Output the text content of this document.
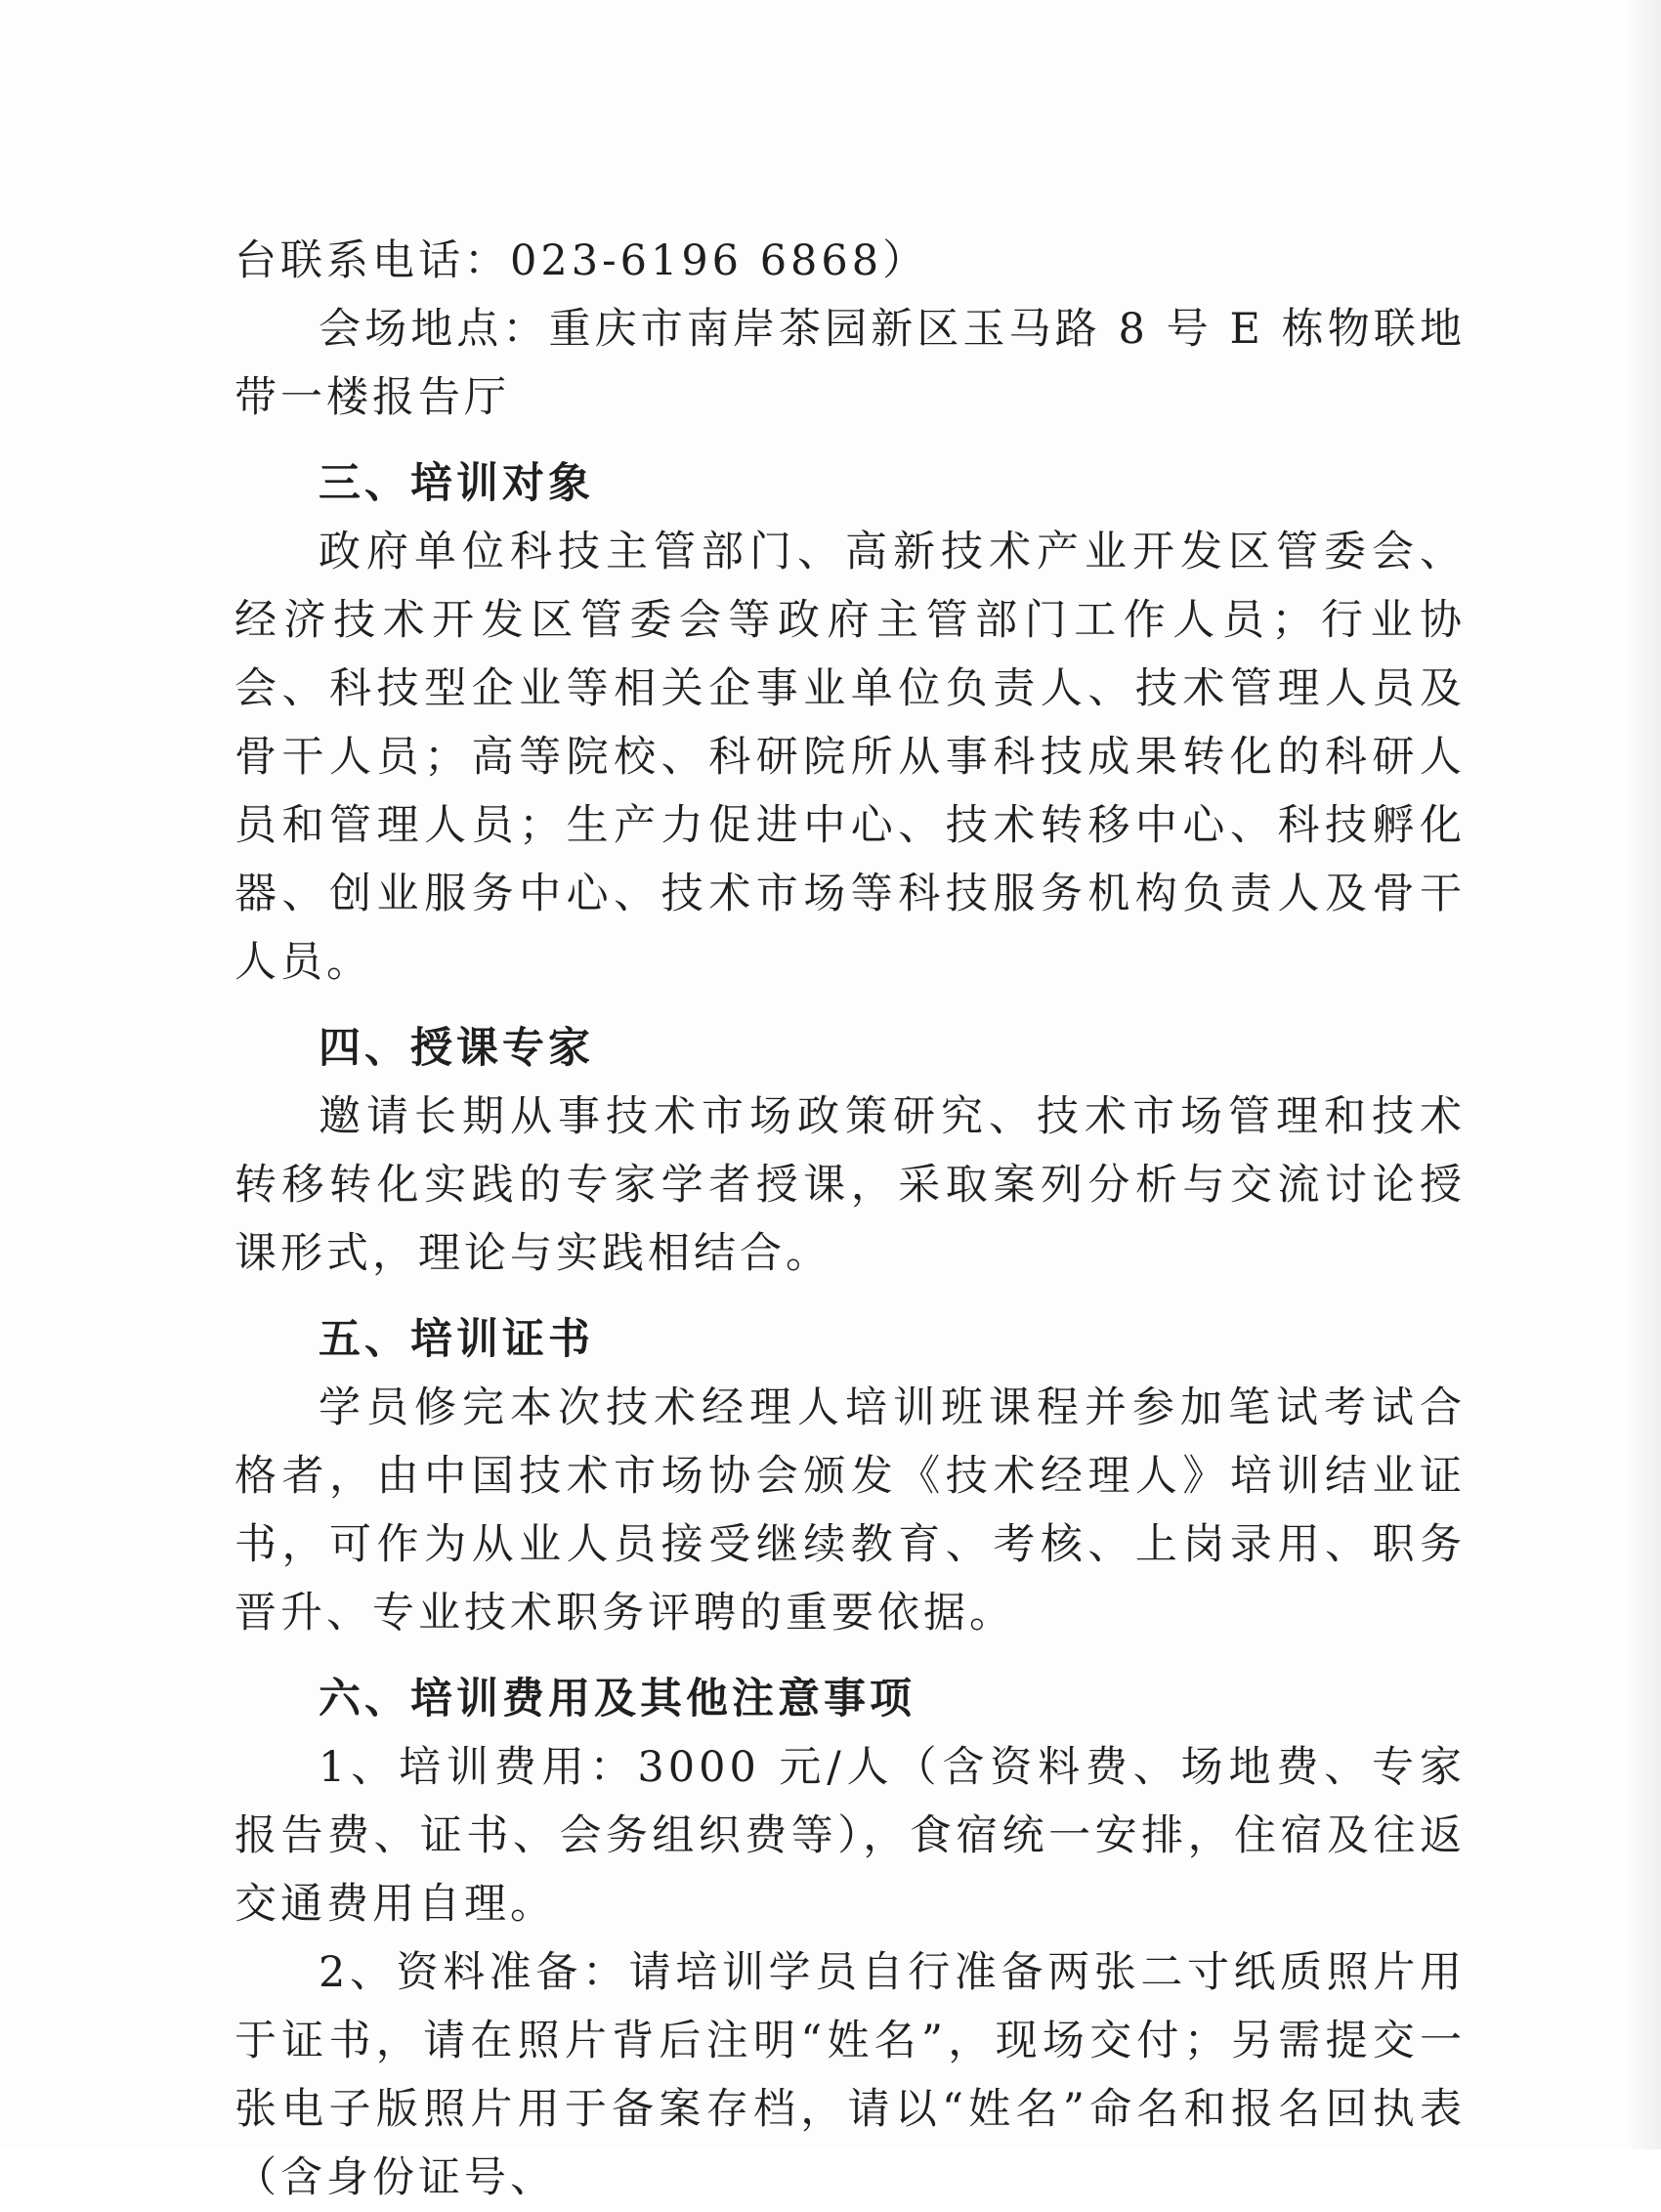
台联系电话：023-6196 6868）

会场地点：重庆市南岸茶园新区玉马路 8 号 E 栋物联地带一楼报告厅

三、培训对象

政府单位科技主管部门、高新技术产业开发区管委会、经济技术开发区管委会等政府主管部门工作人员；行业协会、科技型企业等相关企事业单位负责人、技术管理人员及骨干人员；高等院校、科研院所从事科技成果转化的科研人员和管理人员；生产力促进中心、技术转移中心、科技孵化器、创业服务中心、技术市场等科技服务机构负责人及骨干人员。

四、授课专家

邀请长期从事技术市场政策研究、技术市场管理和技术转移转化实践的专家学者授课，采取案列分析与交流讨论授课形式，理论与实践相结合。

五、培训证书

学员修完本次技术经理人培训班课程并参加笔试考试合格者，由中国技术市场协会颁发《技术经理人》培训结业证书，可作为从业人员接受继续教育、考核、上岗录用、职务晋升、专业技术职务评聘的重要依据。

六、培训费用及其他注意事项

1、培训费用：3000 元/人（含资料费、场地费、专家报告费、证书、会务组织费等），食宿统一安排，住宿及往返交通费用自理。

2、资料准备：请培训学员自行准备两张二寸纸质照片用于证书，请在照片背后注明“姓名”，现场交付；另需提交一张电子版照片用于备案存档，请以“姓名”命名和报名回执表（含身份证号、
